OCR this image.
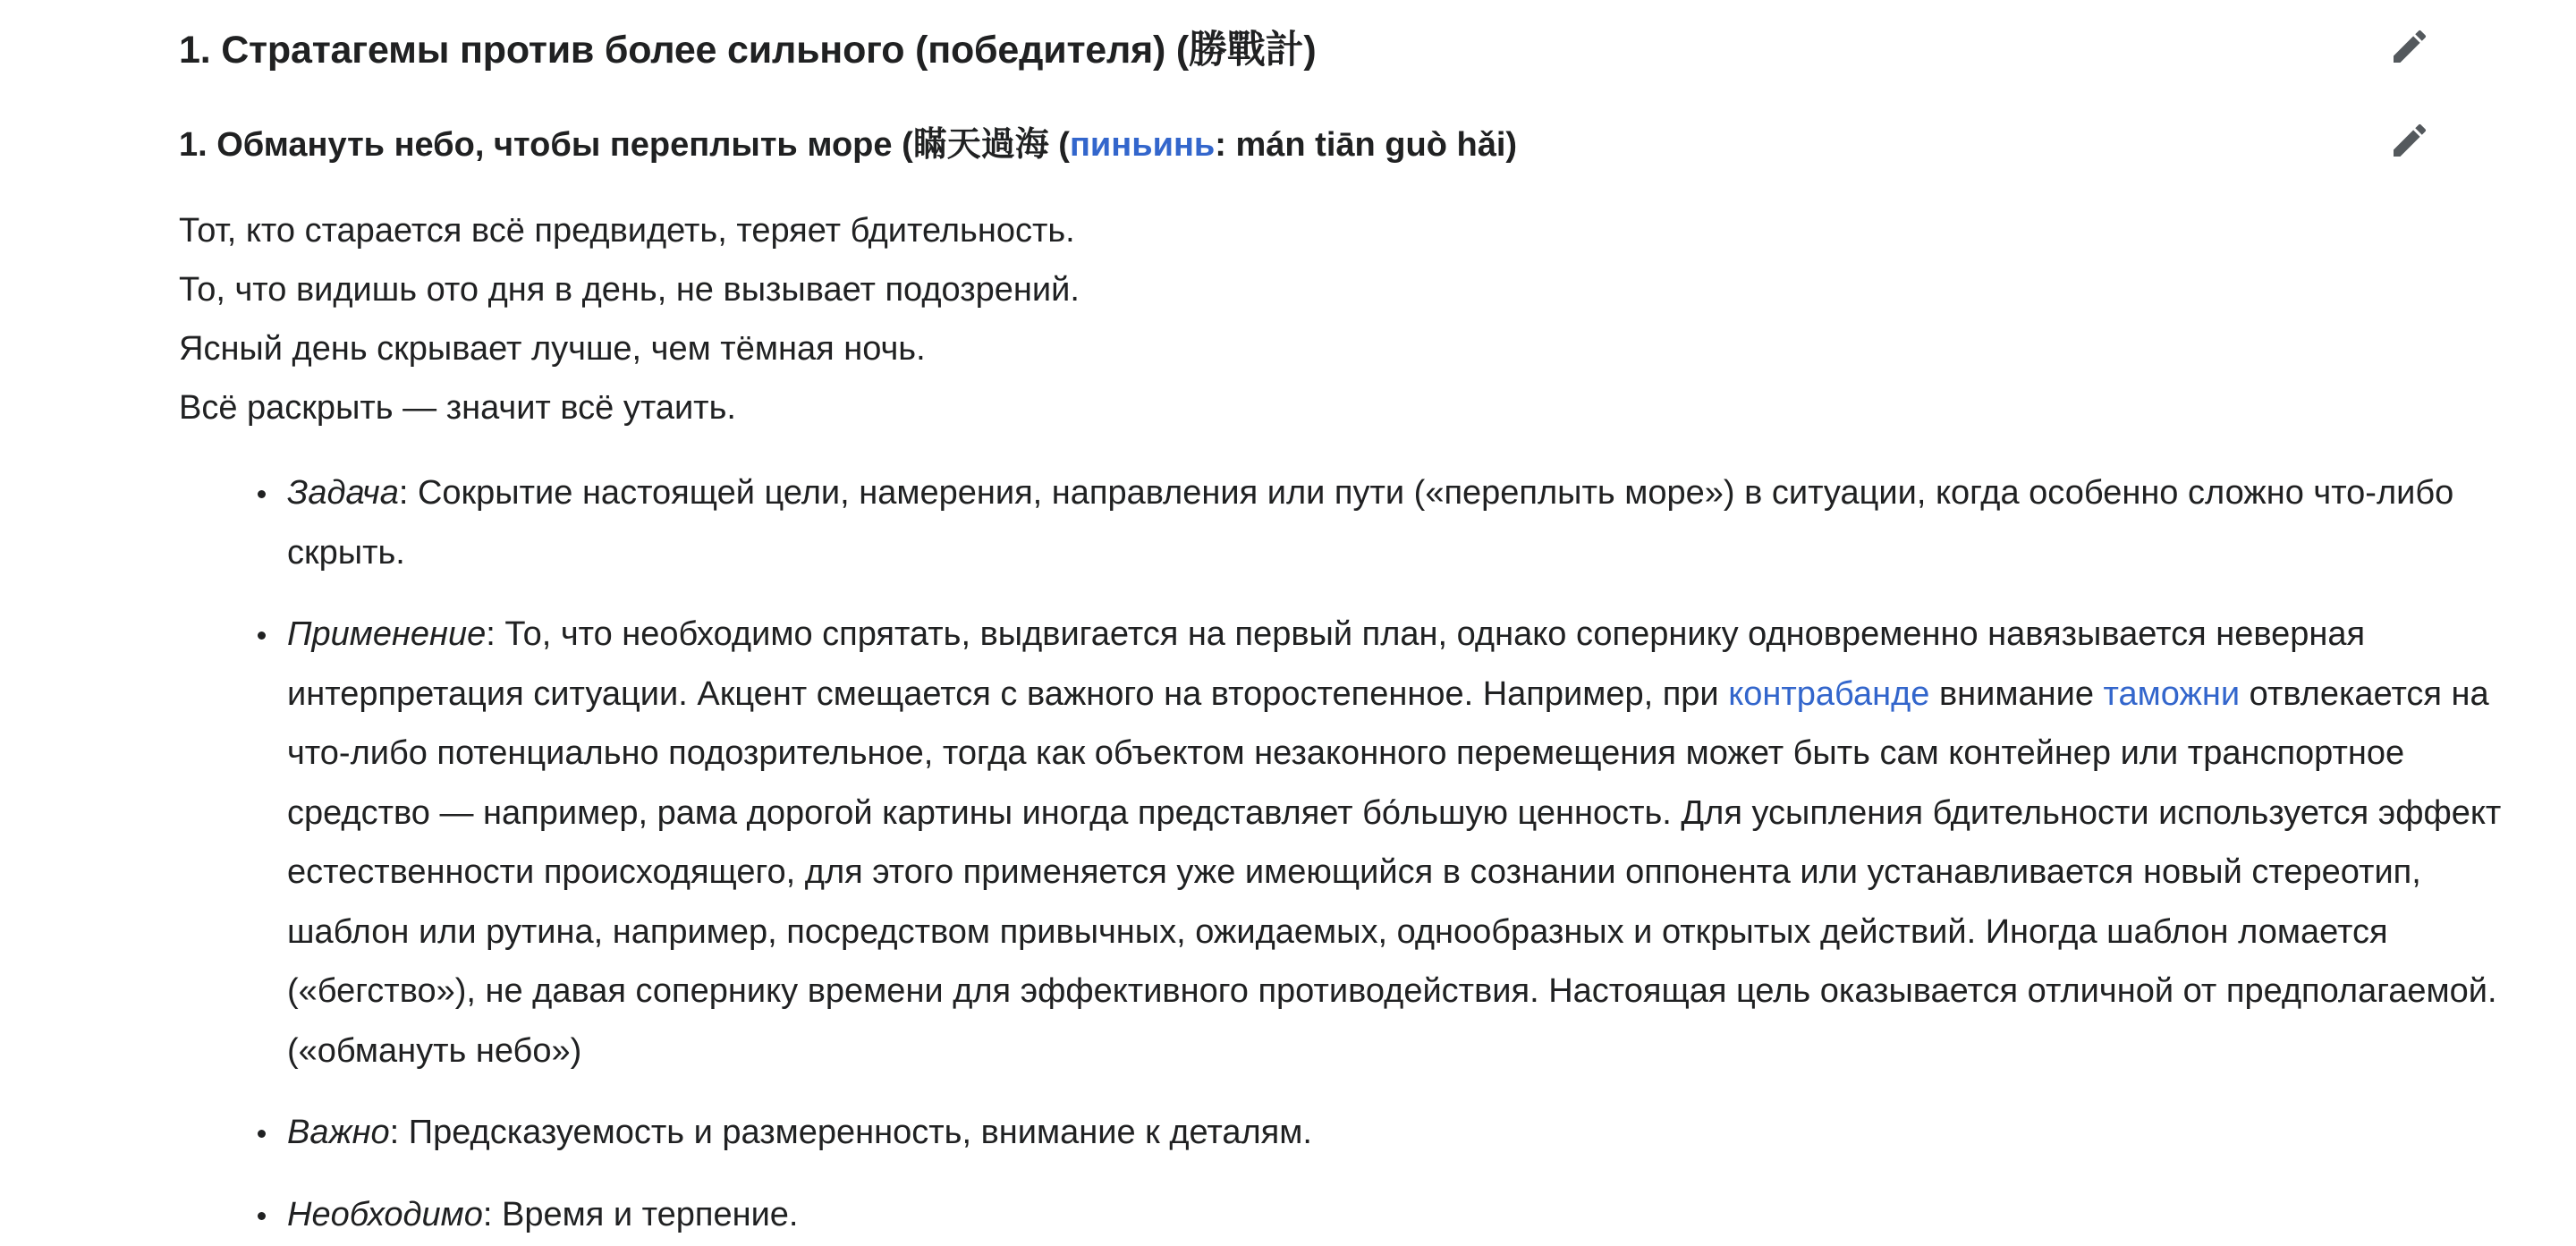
1. Стратагемы против более сильного (победителя) (勝戰計)
1. Обмануть небо, чтобы переплыть море (瞞天過海 (пиньинь: mán tiān guò hǎi)
Тот, кто старается всё предвидеть, теряет бдительность.
То, что видишь ото дня в день, не вызывает подозрений.
Ясный день скрывает лучше, чем тёмная ночь.
Всё раскрыть — значит всё утаить.
Задача: Сокрытие настоящей цели, намерения, направления или пути («переплыть море») в ситуации, когда особенно сложно что-либо скрыть.
Применение: То, что необходимо спрятать, выдвигается на первый план, однако сопернику одновременно навязывается неверная интерпретация ситуации. Акцент смещается с важного на второстепенное. Например, при контрабанде внимание таможни отвлекается на что-либо потенциально подозрительное, тогда как объектом незаконного перемещения может быть сам контейнер или транспортное средство — например, рама дорогой картины иногда представляет бо́льшую ценность. Для усыпления бдительности используется эффект естественности происходящего, для этого применяется уже имеющийся в сознании оппонента или устанавливается новый стереотип, шаблон или рутина, например, посредством привычных, ожидаемых, однообразных и открытых действий. Иногда шаблон ломается («бегство»), не давая сопернику времени для эффективного противодействия. Настоящая цель оказывается отличной от предполагаемой. («обмануть небо»)
Важно: Предсказуемость и размеренность, внимание к деталям.
Необходимо: Время и терпение.
